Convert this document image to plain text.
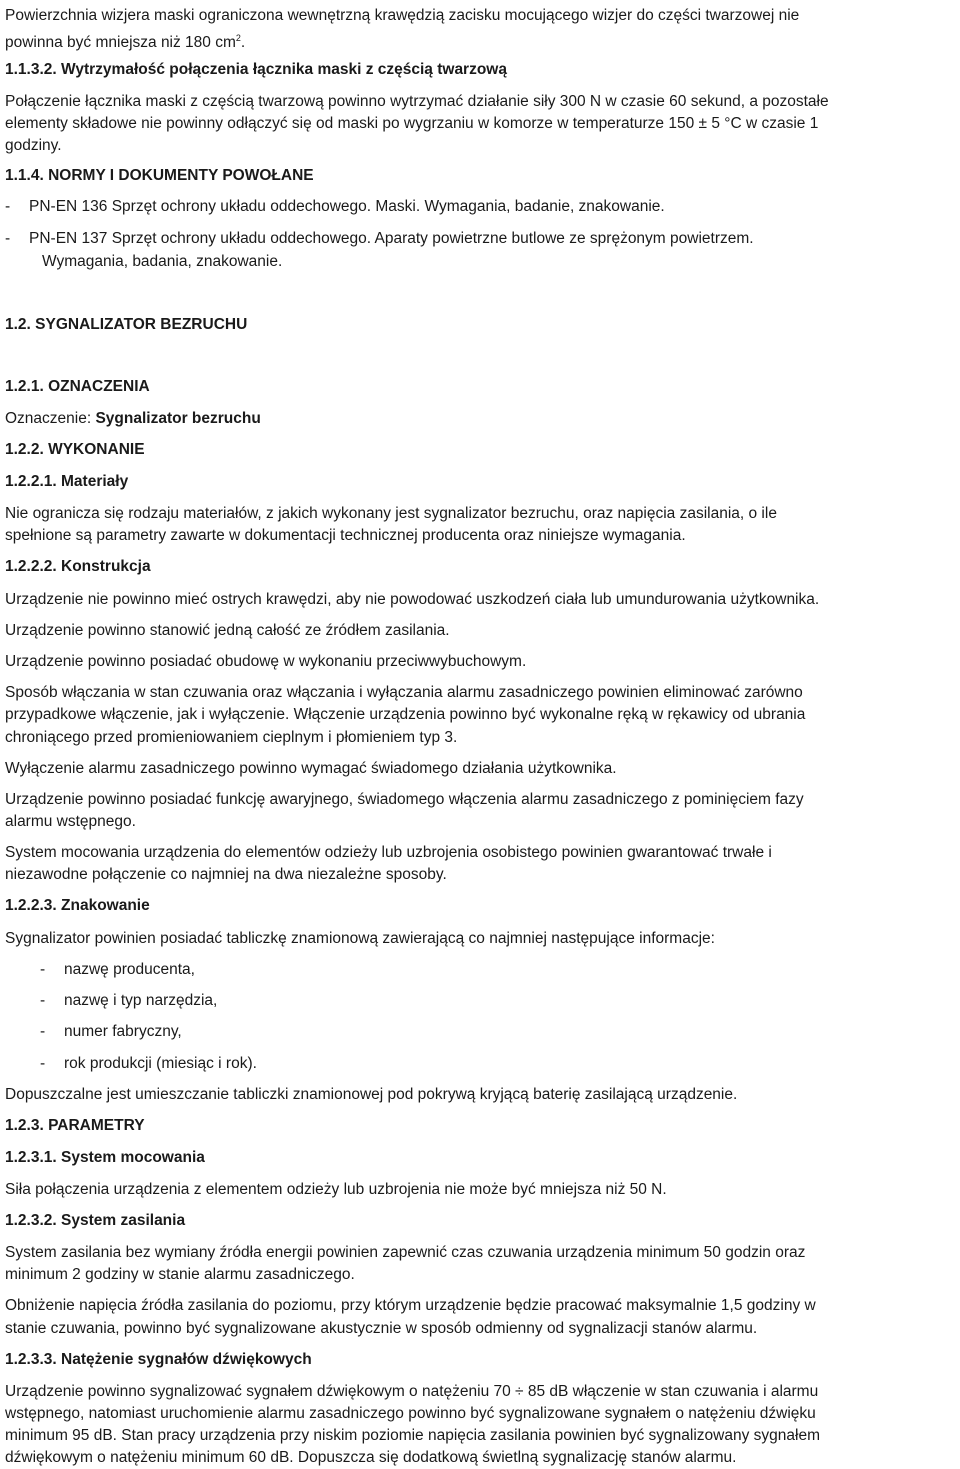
Powierzchnia wizjera maski ograniczona wewnętrzną krawędzią zacisku mocującego wizjer do części twarzowej nie
powinna być mniejsza niż 180 $cm^2$.
1.1.3.2. Wytrzymałość połączenia łącznika maski z częścią twarzową
Połączenie łącznika maski z częścią twarzową powinno wytrzymać działanie siły 300 N w czasie 60 sekund, a pozostałe
elementy składowe nie powinny odłączyć się od maski po wygrzaniu w komorze w temperaturze 150 ± 5 °C w czasie 1
godziny.
1.1.4. NORMY I DOKUMENTY POWOŁANE
- PN-EN 136 Sprzęt ochrony układu oddechowego. Maski. Wymagania, badanie, znakowanie.
- PN-EN 137 Sprzęt ochrony układu oddechowego. Aparaty powietrzne butlowe ze sprężonym powietrzem.
Wymagania, badania, znakowanie.
1.2. SYGNALIZATOR BEZRUCHU
1.2.1. OZNACZENIA
Oznaczenie: Sygnalizator bezruchu
1.2.2. WYKONANIE
1.2.2.1. Materiały
Nie ogranicza się rodzaju materiałów, z jakich wykonany jest sygnalizator bezruchu, oraz napięcia zasilania, o ile
spełnione są parametry zawarte w dokumentacji technicznej producenta oraz niniejsze wymagania.
1.2.2.2. Konstrukcja
Urządzenie nie powinno mieć ostrych krawędzi, aby nie powodować uszkodzeń ciała lub umundurowania użytkownika.
Urządzenie powinno stanowić jedną całość ze źródłem zasilania.
Urządzenie powinno posiadać obudowę w wykonaniu przeciwwybuchowym.
Sposób włączania w stan czuwania oraz włączania i wyłączania alarmu zasadniczego powinien eliminować zarówno
przypadkowe włączenie, jak i wyłączenie. Włączenie urządzenia powinno być wykonalne ręką w rękawicy od ubrania
chroniącego przed promieniowaniem cieplnym i płomieniem typ 3.
Wyłączenie alarmu zasadniczego powinno wymagać świadomego działania użytkownika.
Urządzenie powinno posiadać funkcję awaryjnego, świadomego włączenia alarmu zasadniczego z pominięciem fazy
alarmu wstępnego.
System mocowania urządzenia do elementów odzieży lub uzbrojenia osobistego powinien gwarantować trwałe i
niezawodne połączenie co najmniej na dwa niezależne sposoby.
1.2.2.3. Znakowanie
Sygnalizator powinien posiadać tabliczkę znamionową zawierającą co najmniej następujące informacje:
- nazwę producenta,
- nazwę i typ narzędzia,
- numer fabryczny,
- rok produkcji (miesiąc i rok).
Dopuszczalne jest umieszczanie tabliczki znamionowej pod pokrywą kryjącą baterię zasilającą urządzenie.
1.2.3. PARAMETRY
1.2.3.1. System mocowania
Siła połączenia urządzenia z elementem odzieży lub uzbrojenia nie może być mniejsza niż 50 N.
1.2.3.2. System zasilania
System zasilania bez wymiany źródła energii powinien zapewnić czas czuwania urządzenia minimum 50 godzin oraz
minimum 2 godziny w stanie alarmu zasadniczego.
Obniżenie napięcia źródła zasilania do poziomu, przy którym urządzenie będzie pracować maksymalnie 1,5 godziny w
stanie czuwania, powinno być sygnalizowane akustycznie w sposób odmienny od sygnalizacji stanów alarmu.
1.2.3.3. Natężenie sygnałów dźwiękowych
Urządzenie powinno sygnalizować sygnałem dźwiękowym o natężeniu 70 ÷ 85 dB włączenie w stan czuwania i alarmu
wstępnego, natomiast uruchomienie alarmu zasadniczego powinno być sygnalizowane sygnałem o natężeniu dźwięku
minimum 95 dB. Stan pracy urządzenia przy niskim poziomie napięcia zasilania powinien być sygnalizowany sygnałem
dźwiękowym o natężeniu minimum 60 dB. Dopuszcza się dodatkową świetlną sygnalizację stanów alarmu.
